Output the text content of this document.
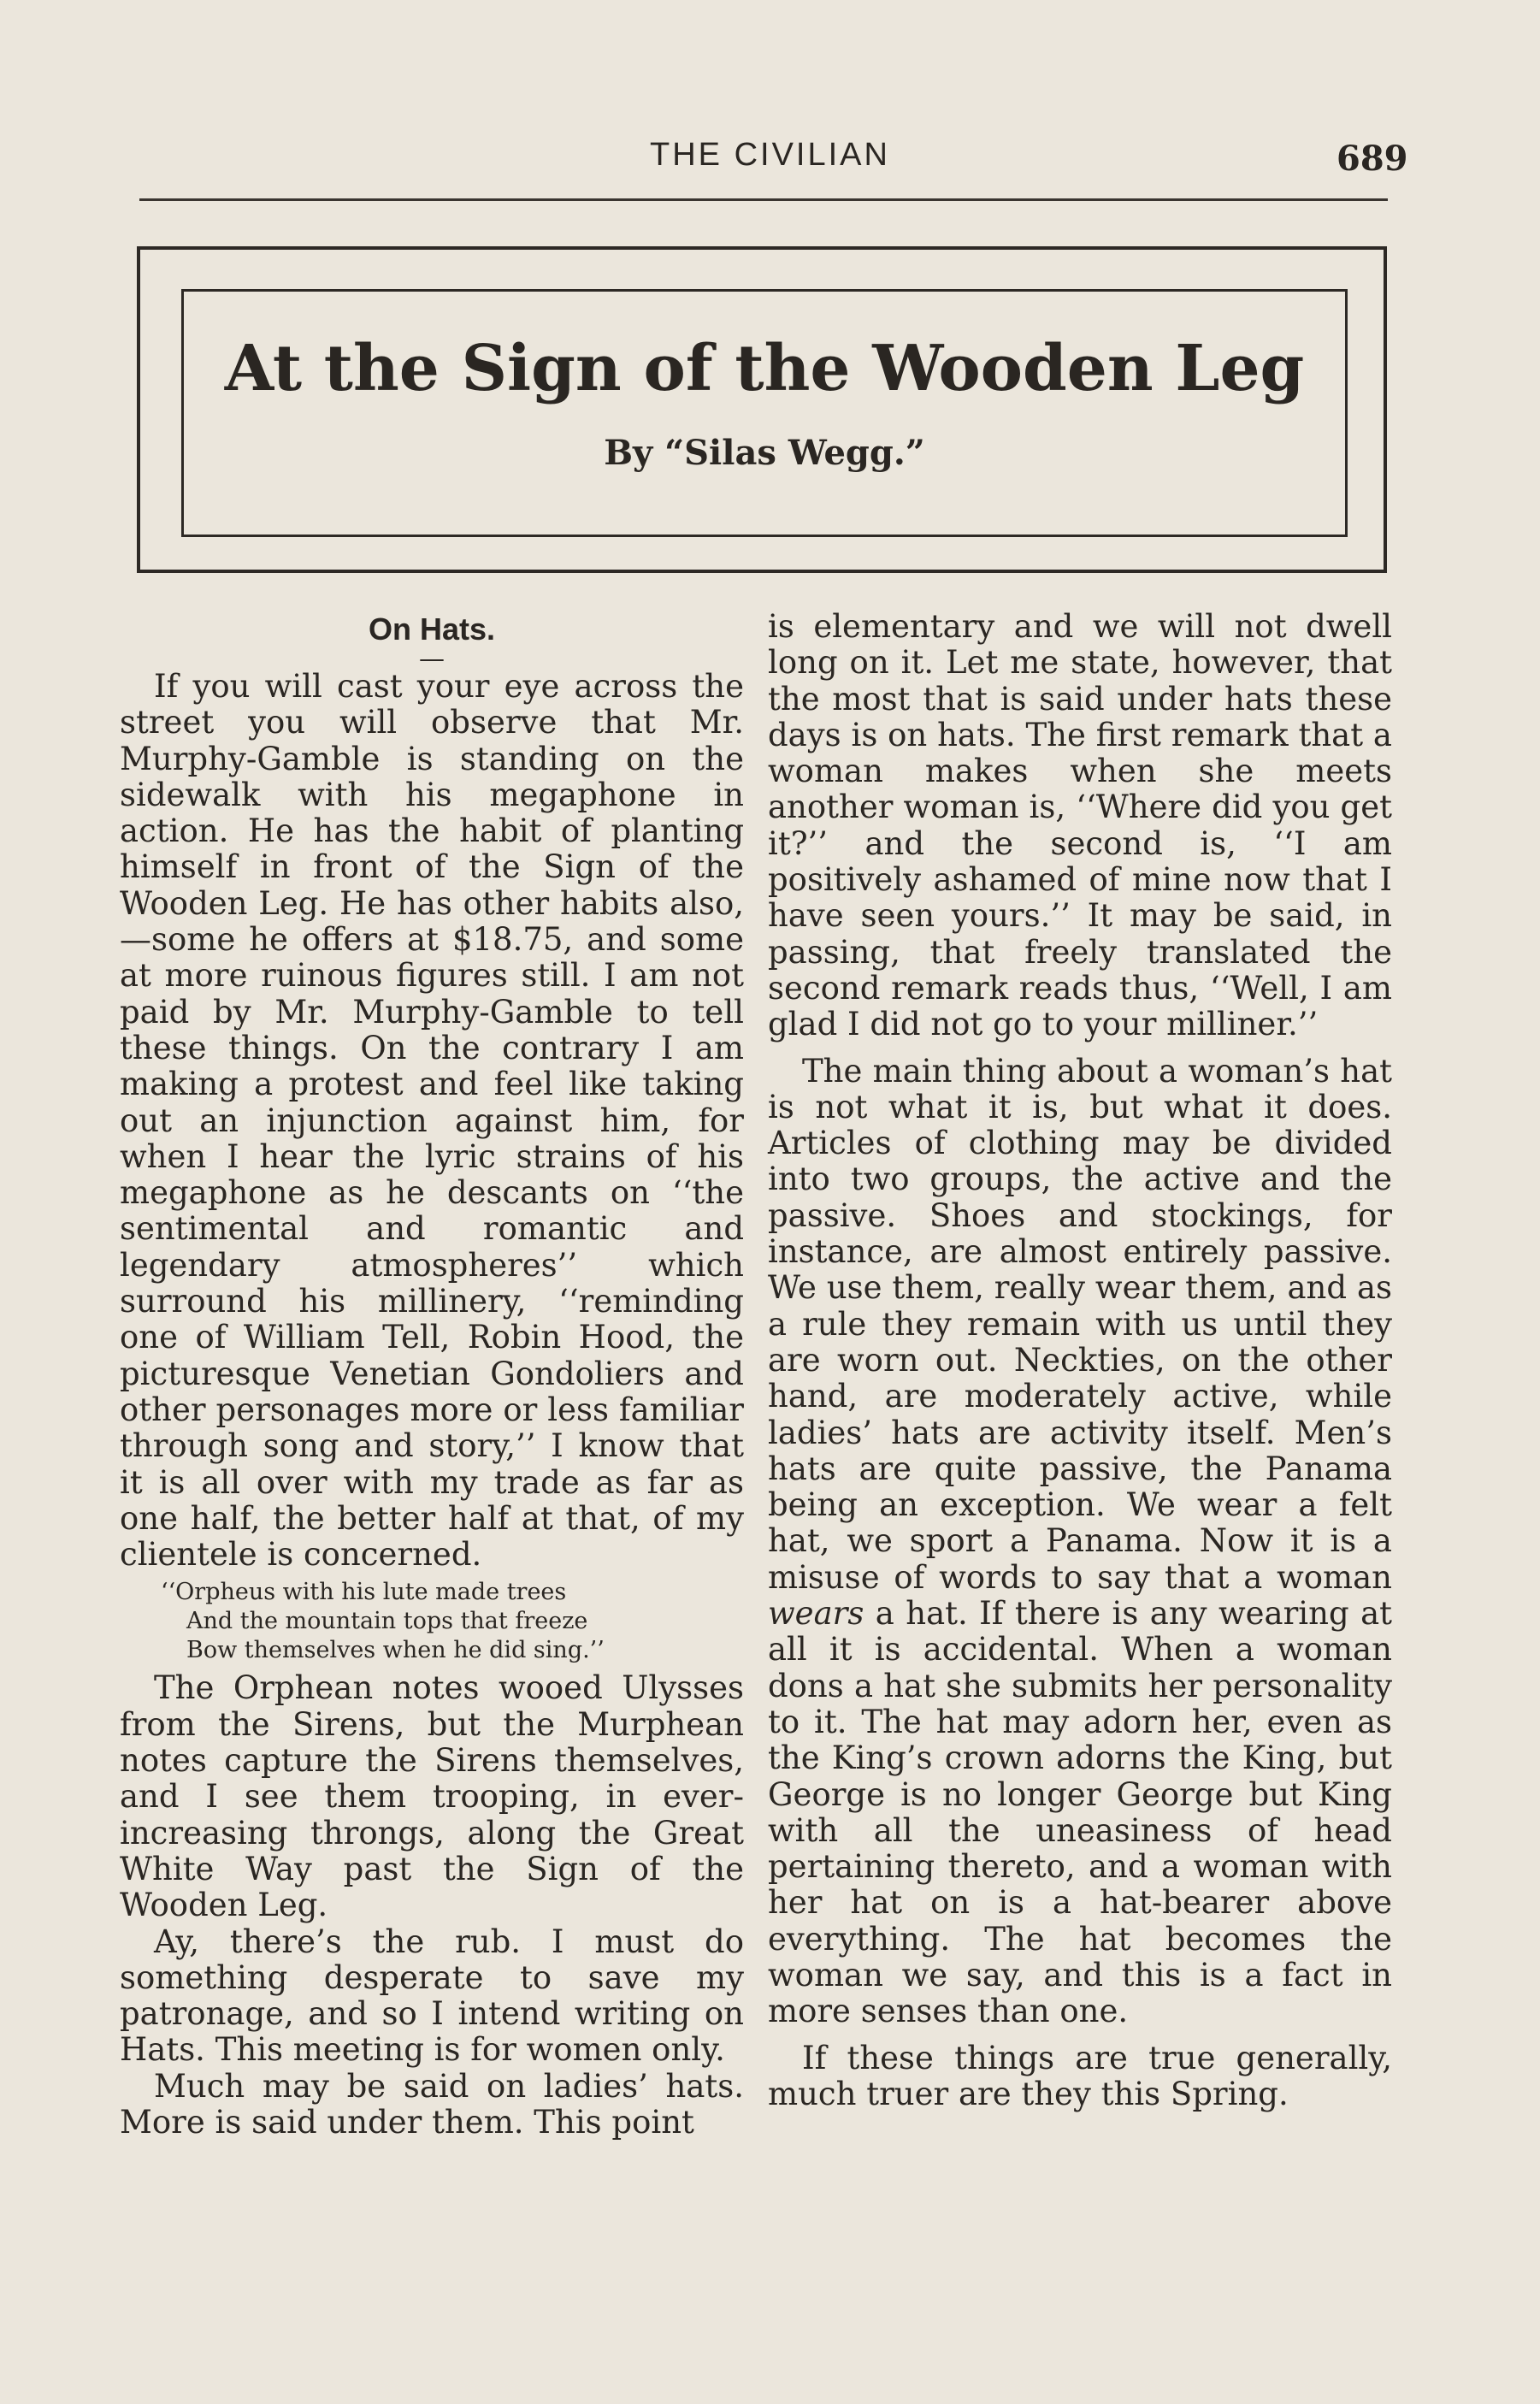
THE CIVILIAN	689
At the Sign of the Wooden Leg
By “Silas Wegg.”
On Hats.
—

If you will cast your eye across the street you will observe that Mr. Murphy-Gamble is standing on the sidewalk with his megaphone in action. He has the habit of planting himself in front of the Sign of the Wooden Leg. He has other habits also,—some he offers at $18.75, and some at more ruinous figures still. I am not paid by Mr. Murphy-Gamble to tell these things. On the contrary I am making a protest and feel like taking out an injunction against him, for when I hear the lyric strains of his megaphone as he descants on ‘‘the sentimental and romantic and legendary atmospheres’’ which surround his millinery, ‘‘reminding one of William Tell, Robin Hood, the picturesque Venetian Gondoliers and other personages more or less familiar through song and story,’’ I know that it is all over with my trade as far as one half, the better half at that, of my clientele is concerned.

‘‘Orpheus with his lute made trees
And the mountain tops that freeze
Bow themselves when he did sing.’’

The Orphean notes wooed Ulysses from the Sirens, but the Murphean notes capture the Sirens themselves, and I see them trooping, in ever-increasing throngs, along the Great White Way past the Sign of the Wooden Leg.

Ay, there’s the rub. I must do something desperate to save my patronage, and so I intend writing on Hats. This meeting is for women only.

Much may be said on ladies’ hats. More is said under them. This point

is elementary and we will not dwell long on it. Let me state, however, that the most that is said under hats these days is on hats. The first remark that a woman makes when she meets another woman is, ‘‘Where did you get it?’’ and the second is, ‘‘I am positively ashamed of mine now that I have seen yours.’’ It may be said, in passing, that freely translated the second remark reads thus, ‘‘Well, I am glad I did not go to your milliner.’’

The main thing about a woman’s hat is not what it is, but what it does. Articles of clothing may be divided into two groups, the active and the passive. Shoes and stockings, for instance, are almost entirely passive. We use them, really wear them, and as a rule they remain with us until they are worn out. Neckties, on the other hand, are moderately active, while ladies’ hats are activity itself. Men’s hats are quite passive, the Panama being an exception. We wear a felt hat, we sport a Panama. Now it is a misuse of words to say that a woman wears a hat. If there is any wearing at all it is accidental. When a woman dons a hat she submits her personality to it. The hat may adorn her, even as the King’s crown adorns the King, but George is no longer George but King with all the uneasiness of head pertaining thereto, and a woman with her hat on is a hat-bearer above everything. The hat becomes the woman we say, and this is a fact in more senses than one.

If these things are true generally, much truer are they this Spring.
